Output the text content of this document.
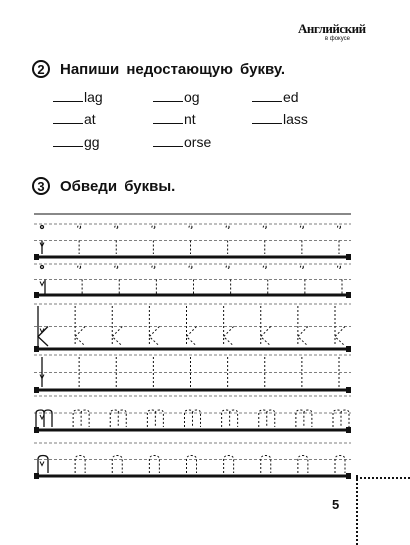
Английский
в фокусе
2	Напиши недостающую букву.
lag	og	ed
at	nt	lass
gg	orse
3	Обведи буквы.
5
